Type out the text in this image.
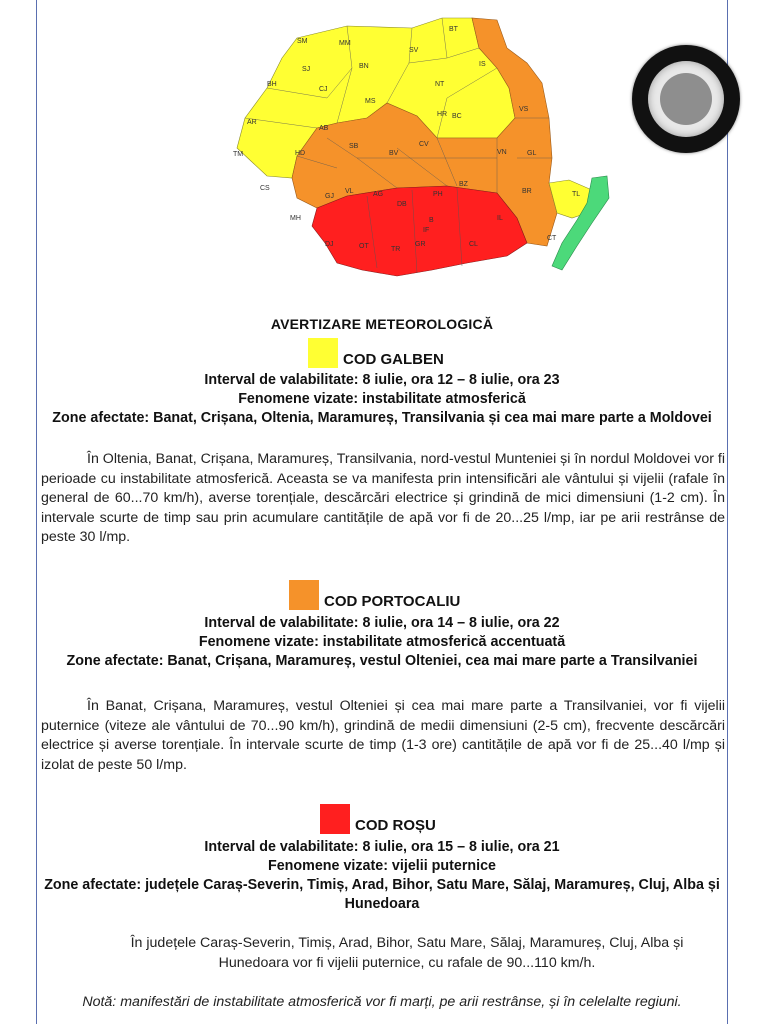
SM	MM
SV
BT
IS
VS
NT
BC
VN	GL
BR	TL
CT
SJ	BN
CJ
BH
HR
MS
AR
TM
AB
SB
BV
CV
HD
CS
GJ
VL	AG
DB
PH
BZ
MH
OT	TR
GR	CL
IL
DJ
B
IF
AVERTIZARE METEOROLOGICĂ
COD GALBEN
Interval de valabilitate: 8 iulie, ora 12 – 8 iulie, ora 23
Fenomene vizate: instabilitate atmosferică
Zone afectate: Banat, Crișana, Oltenia, Maramureș, Transilvania și cea mai mare parte a Moldovei

În Oltenia, Banat, Crișana, Maramureș, Transilvania, nord-vestul Munteniei și în nordul Moldovei vor fi perioade cu instabilitate atmosferică. Aceasta se va manifesta prin intensificări ale vântului și vijelii (rafale în general de 60...70 km/h), averse torențiale, descărcări electrice și grindină de mici dimensiuni (1-2 cm). În intervale scurte de timp sau prin acumulare cantitățile de apă vor fi de 20...25 l/mp, iar pe arii restrânse de peste 30 l/mp.

COD PORTOCALIU
Interval de valabilitate: 8 iulie, ora 14 – 8 iulie, ora 22
Fenomene vizate: instabilitate atmosferică accentuată
Zone afectate: Banat, Crișana, Maramureș, vestul Olteniei, cea mai mare parte a Transilvaniei

În Banat, Crișana, Maramureș, vestul Olteniei și cea mai mare parte a Transilvaniei, vor fi vijelii puternice (viteze ale vântului de 70...90 km/h), grindină de medii dimensiuni (2-5 cm), frecvente descărcări electrice și averse torențiale. În intervale scurte de timp (1-3 ore) cantitățile de apă vor fi de 25...40 l/mp și izolat de peste 50 l/mp.

COD ROȘU
Interval de valabilitate: 8 iulie, ora 15 – 8 iulie, ora 21
Fenomene vizate: vijelii puternice
Zone afectate: județele Caraș-Severin, Timiș, Arad, Bihor, Satu Mare, Sălaj, Maramureș, Cluj, Alba și Hunedoara

În județele Caraș-Severin, Timiș, Arad, Bihor, Satu Mare, Sălaj, Maramureș, Cluj, Alba și Hunedoara vor fi vijelii puternice, cu rafale de 90...110 km/h.

Notă: manifestări de instabilitate atmosferică vor fi marți, pe arii restrânse, și în celelalte regiuni.
